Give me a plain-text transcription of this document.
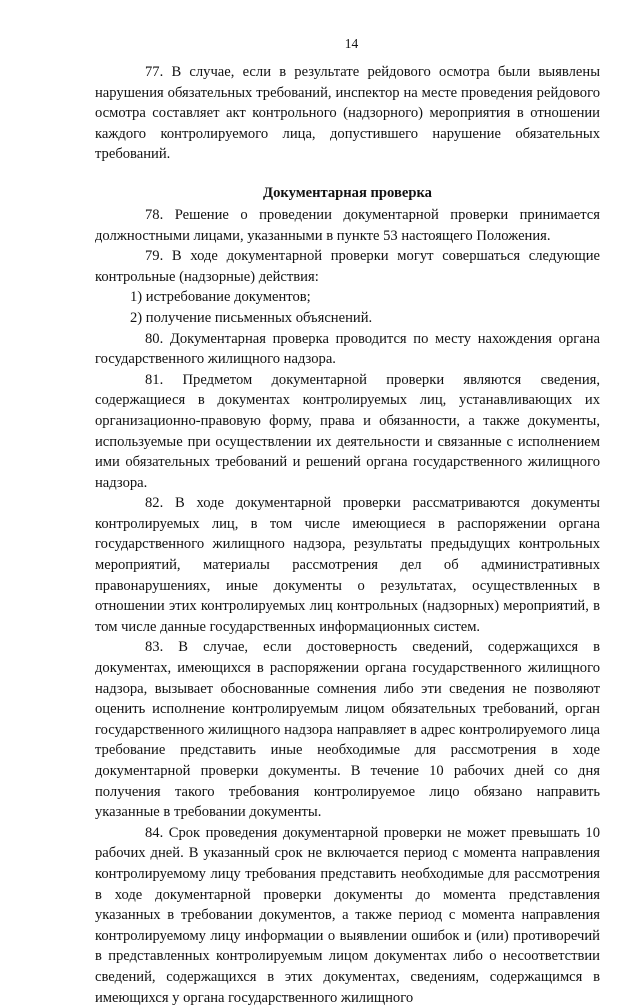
14

77. В случае, если в результате рейдового осмотра были выявлены нарушения обязательных требований, инспектор на месте проведения рейдового осмотра составляет акт контрольного (надзорного) мероприятия в отношении каждого контролируемого лица, допустившего нарушение обязательных требований.

Документарная проверка

78. Решение о проведении документарной проверки принимается должностными лицами, указанными в пункте 53 настоящего Положения.

79. В ходе документарной проверки могут совершаться следующие контрольные (надзорные) действия:

1) истребование документов;

2) получение письменных объяснений.

80. Документарная проверка проводится по месту нахождения органа государственного жилищного надзора.

81. Предметом документарной проверки являются сведения, содержащиеся в документах контролируемых лиц, устанавливающих их организационно-правовую форму, права и обязанности, а также документы, используемые при осуществлении их деятельности и связанные с исполнением ими обязательных требований и решений органа государственного жилищного надзора.

82. В ходе документарной проверки рассматриваются документы контролируемых лиц, в том числе имеющиеся в распоряжении органа государственного жилищного надзора, результаты предыдущих контрольных мероприятий, материалы рассмотрения дел об административных правонарушениях, иные документы о результатах, осуществленных в отношении этих контролируемых лиц контрольных (надзорных) мероприятий, в том числе данные государственных информационных систем.

83. В случае, если достоверность сведений, содержащихся в документах, имеющихся в распоряжении органа государственного жилищного надзора, вызывает обоснованные сомнения либо эти сведения не позволяют оценить исполнение контролируемым лицом обязательных требований, орган государственного жилищного надзора направляет в адрес контролируемого лица требование представить иные необходимые для рассмотрения в ходе документарной проверки документы. В течение 10 рабочих дней со дня получения такого требования контролируемое лицо обязано направить указанные в требовании документы.

84. Срок проведения документарной проверки не может превышать 10 рабочих дней. В указанный срок не включается период с момента направления контролируемому лицу требования представить необходимые для рассмотрения в ходе документарной проверки документы до момента представления указанных в требовании документов, а также период с момента направления контролируемому лицу информации о выявлении ошибок и (или) противоречий в представленных контролируемым лицом документах либо о несоответствии сведений, содержащихся в этих документах, сведениям, содержащимся в имеющихся у органа государственного жилищного
